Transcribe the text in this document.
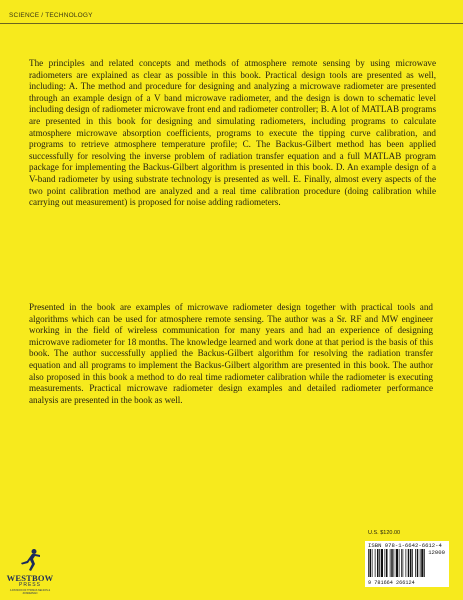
SCIENCE / TECHNOLOGY

The principles and related concepts and methods of atmosphere remote sensing by using microwave radiometers are explained as clear as possible in this book. Practical design tools are presented as well, including: A. The method and procedure for designing and analyzing a microwave radiometer are presented through an example design of a V band microwave radiometer, and the design is down to schematic level including design of radiometer microwave front end and radiometer controller; B. A lot of MATLAB programs are presented in this book for designing and simulating radiometers, including programs to calculate atmosphere microwave absorption coefficients, programs to execute the tipping curve calibration, and programs to retrieve atmosphere temperature profile; C. The Backus-Gilbert method has been applied successfully for resolving the inverse problem of radiation transfer equation and a full MATLAB program package for implementing the Backus-Gilbert algorithm is presented in this book. D. An example design of a V-band radiometer by using substrate technology is presented as well. E. Finally, almost every aspects of the two point calibration method are analyzed and a real time calibration procedure (doing calibration while carrying out measurement) is proposed for noise adding radiometers.

Presented in the book are examples of microwave radiometer design together with practical tools and algorithms which can be used for atmosphere remote sensing. The author was a Sr. RF and MW engineer working in the field of wireless communication for many years and had an experience of designing microwave radiometer for 18 months. The knowledge learned and work done at that period is the basis of this book. The author successfully applied the Backus-Gilbert algorithm for resolving the radiation transfer equation and all programs to implement the Backus-Gilbert algorithm are presented in this book. The author also proposed in this book a method to do real time radiometer calibration while the radiometer is executing measurements. Practical microwave radiometer design examples and detailed radiometer performance analysis are presented in the book as well.

U.S. $120.00
ISBN 978-1-6642-6612-4
12000
9 781664 266124
WESTBOW
PRESS
A DIVISION OF THOMAS NELSON & ZONDERVAN
